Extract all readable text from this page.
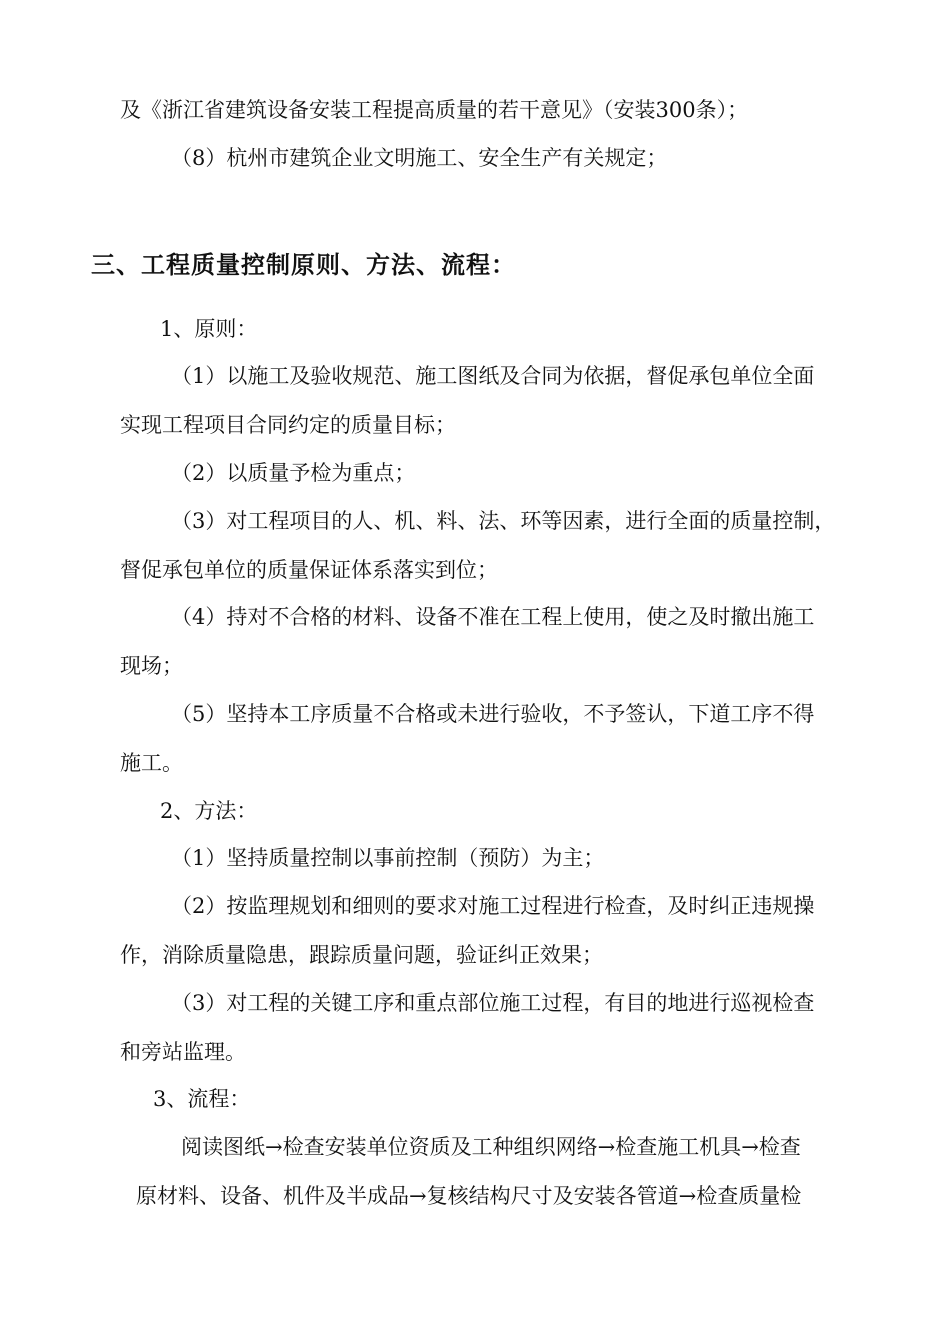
及《浙江省建筑设备安装工程提高质量的若干意见》（安装300条）；
（8）杭州市建筑企业文明施工、安全生产有关规定；
三、工程质量控制原则、方法、流程：
1、原则：
（1）以施工及验收规范、施工图纸及合同为依据，督促承包单位全面
实现工程项目合同约定的质量目标；
（2）以质量予检为重点；
（3）对工程项目的人、机、料、法、环等因素，进行全面的质量控制，
督促承包单位的质量保证体系落实到位；
（4）持对不合格的材料、设备不准在工程上使用，使之及时撤出施工
现场；
（5）坚持本工序质量不合格或未进行验收，不予签认，下道工序不得
施工。
2、方法：
（1）坚持质量控制以事前控制（预防）为主；
（2）按监理规划和细则的要求对施工过程进行检查，及时纠正违规操
作，消除质量隐患，跟踪质量问题，验证纠正效果；
（3）对工程的关键工序和重点部位施工过程，有目的地进行巡视检查
和旁站监理。
3、流程：
阅读图纸→检查安装单位资质及工种组织网络→检查施工机具→检查
原材料、设备、机件及半成品→复核结构尺寸及安装各管道→检查质量检
